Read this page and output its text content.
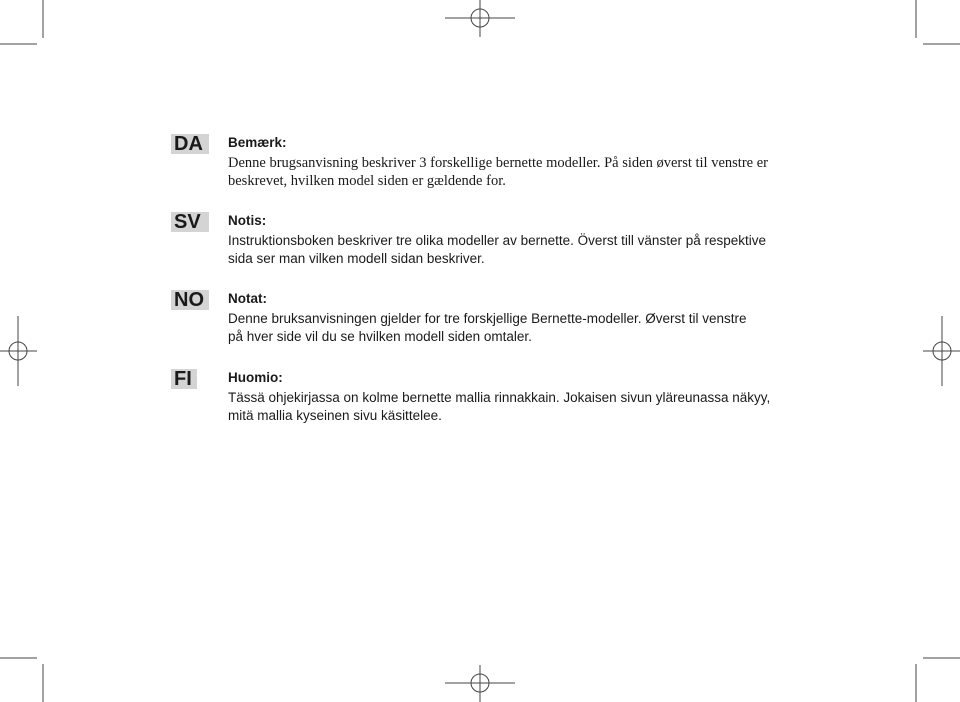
DA	Bemærk:
Denne brugsanvisning beskriver 3 forskellige bernette modeller. På siden øverst til venstre er beskrevet, hvilken model siden er gældende for.
SV	Notis:
Instruktionsboken beskriver tre olika modeller av bernette. Överst till vänster på respektive sida ser man vilken modell sidan beskriver.
NO	Notat:
Denne bruksanvisningen gjelder for tre forskjellige Bernette-modeller. Øverst til venstre på hver side vil du se hvilken modell siden omtaler.
FI	Huomio:
Tässä ohjekirjassa on kolme bernette mallia rinnakkain. Jokaisen sivun yläreunassa näkyy, mitä mallia kyseinen sivu käsittelee.
